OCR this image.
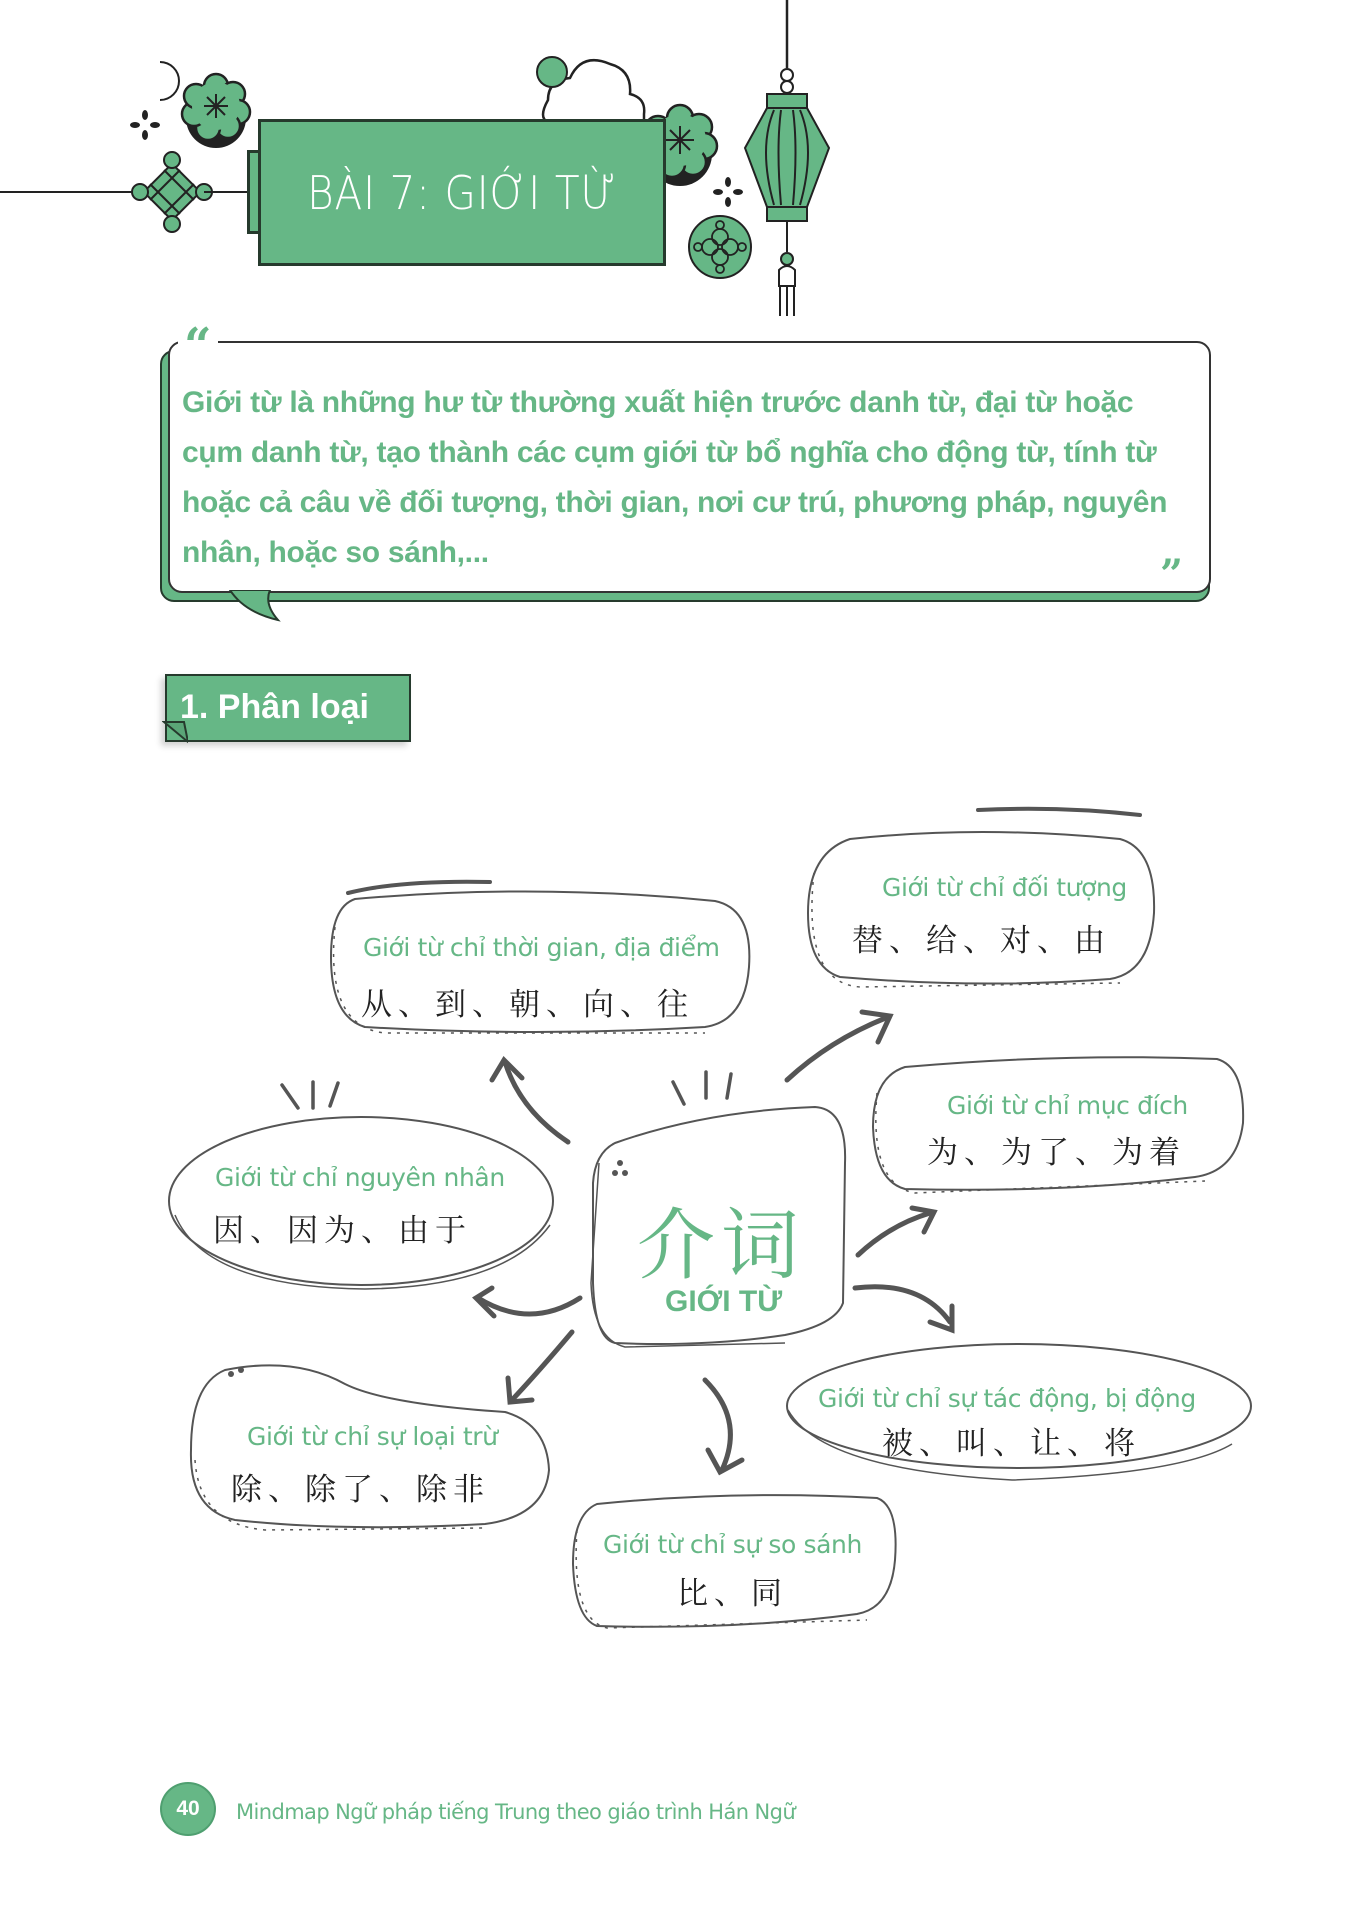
BÀI 7: GIỚI TỪ
“

Giới từ là những hư từ thường xuất hiện trước danh từ, đại từ hoặc cụm danh từ, tạo thành các cụm giới từ bổ nghĩa cho động từ, tính từ hoặc cả câu về đối tượng, thời gian, nơi cư trú, phương pháp, nguyên nhân, hoặc so sánh,...	”
1. Phân loại
介词
GIỚI TỪ
Giới từ chỉ thời gian, địa điểm
从、到、朝、向、往
Giới từ chỉ đối tượng
替、给、对、由
Giới từ chỉ mục đích
为、为了、为着
Giới từ chỉ nguyên nhân
因、因为、由于
Giới từ chỉ sự tác động, bị động
被、叫、让、将
Giới từ chỉ sự loại trừ
除、除了、除非
Giới từ chỉ sự so sánh
比、同
40 Mindmap Ngữ pháp tiếng Trung theo giáo trình Hán Ngữ
